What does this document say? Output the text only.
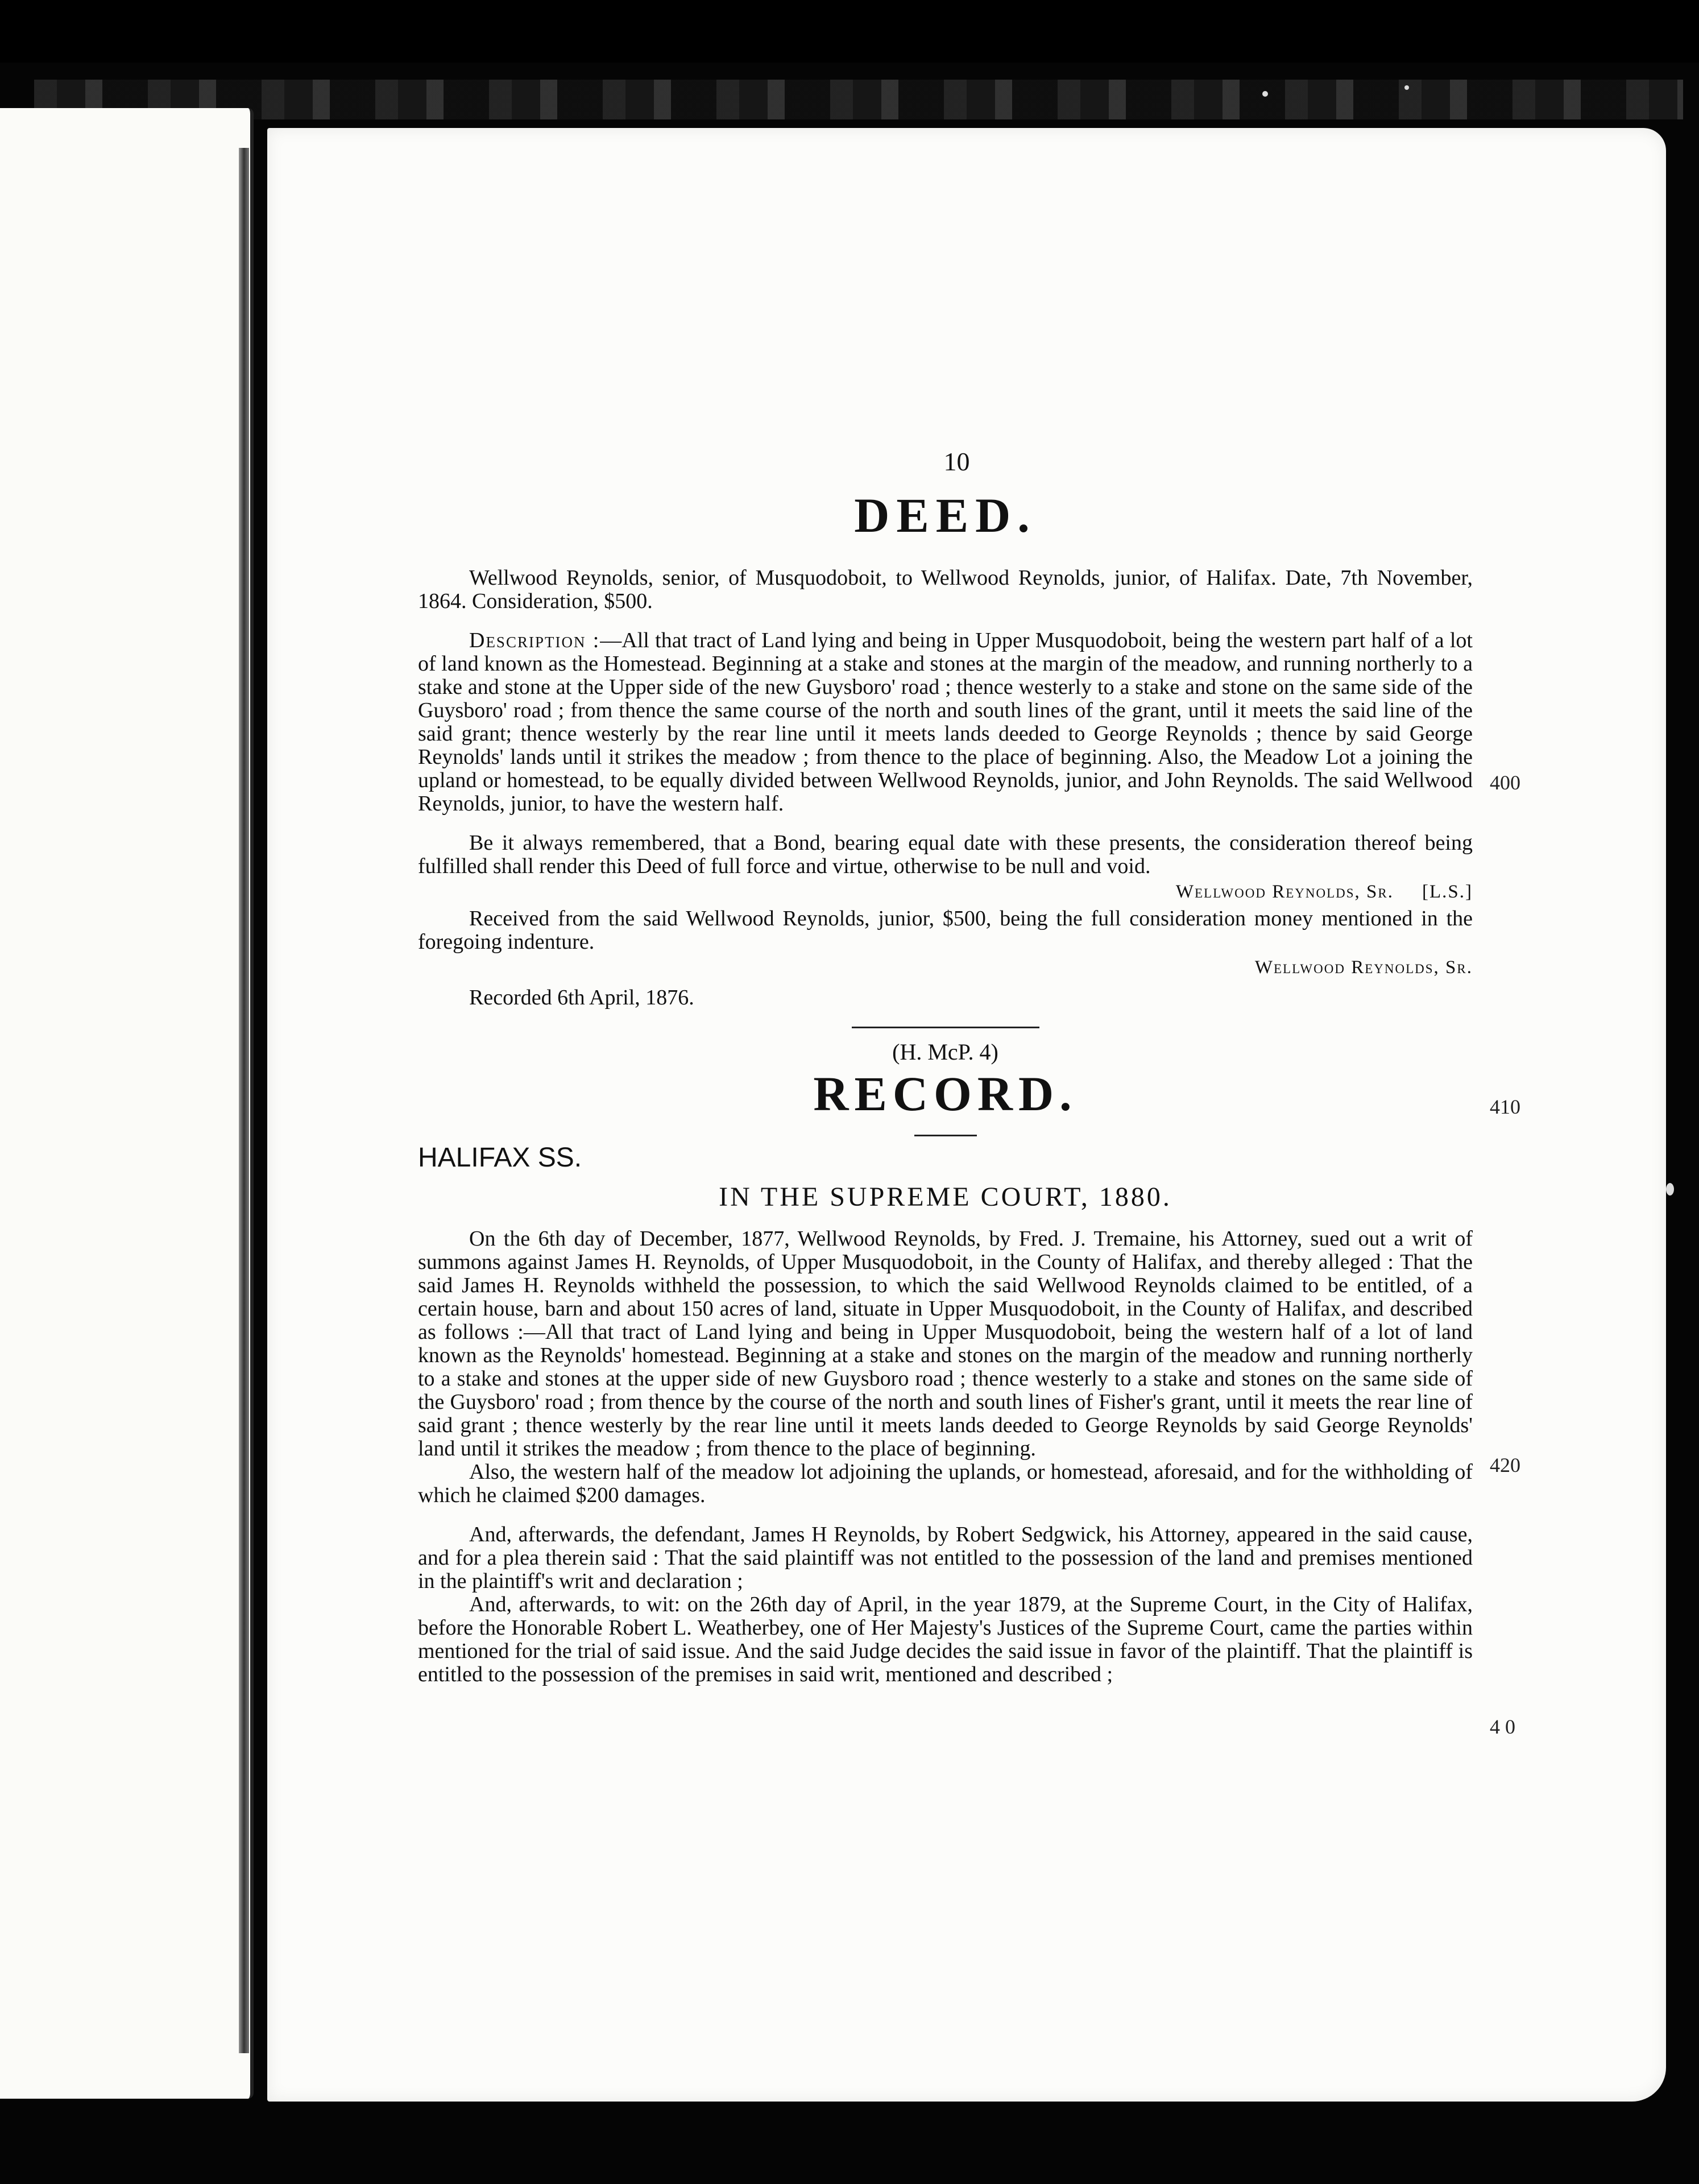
10
DEED.

Wellwood Reynolds, senior, of Musquodoboit, to Wellwood Reynolds, junior, of Halifax. Date, 7th November, 1864. Consideration, $500.

Description :—All that tract of Land lying and being in Upper Musquodoboit, being the western part half of a lot of land known as the Homestead. Beginning at a stake and stones at the margin of the meadow, and running northerly to a stake and stone at the Upper side of the new Guysboro' road ; thence westerly to a stake and stone on the same side of the Guysboro' road ; from thence the same course of the north and south lines of the grant, until it meets the said line of the said grant; thence westerly by the rear line until it meets lands deeded to George Reynolds ; thence by said George Reynolds' lands until it strikes the meadow ; from thence to the place of beginning. Also, the Meadow Lot a joining the upland or homestead, to be equally divided between Wellwood Reynolds, junior, and John Reynolds. The said Wellwood Reynolds, junior, to have the western half.

Be it always remembered, that a Bond, bearing equal date with these presents, the consideration thereof being fulfilled shall render this Deed of full force and virtue, otherwise to be null and void.

Wellwood Reynolds, Sr. [L.S.]

Received from the said Wellwood Reynolds, junior, $500, being the full consideration money mentioned in the foregoing indenture.

Wellwood Reynolds, Sr.

Recorded 6th April, 1876.

(H. McP. 4)
RECORD.
HALIFAX SS.
IN THE SUPREME COURT, 1880.

On the 6th day of December, 1877, Wellwood Reynolds, by Fred. J. Tremaine, his Attorney, sued out a writ of summons against James H. Reynolds, of Upper Musquodoboit, in the County of Halifax, and thereby alleged : That the said James H. Reynolds withheld the possession, to which the said Wellwood Reynolds claimed to be entitled, of a certain house, barn and about 150 acres of land, situate in Upper Musquodoboit, in the County of Halifax, and described as follows :—All that tract of Land lying and being in Upper Musquodoboit, being the western half of a lot of land known as the Reynolds' homestead. Beginning at a stake and stones on the margin of the meadow and running northerly to a stake and stones at the upper side of new Guysboro road ; thence westerly to a stake and stones on the same side of the Guysboro' road ; from thence by the course of the north and south lines of Fisher's grant, until it meets the rear line of said grant ; thence westerly by the rear line until it meets lands deeded to George Reynolds by said George Reynolds' land until it strikes the meadow ; from thence to the place of beginning.

Also, the western half of the meadow lot adjoining the uplands, or homestead, aforesaid, and for the withholding of which he claimed $200 damages.

And, afterwards, the defendant, James H Reynolds, by Robert Sedgwick, his Attorney, appeared in the said cause, and for a plea therein said : That the said plaintiff was not entitled to the possession of the land and premises mentioned in the plaintiff's writ and declaration ;

And, afterwards, to wit: on the 26th day of April, in the year 1879, at the Supreme Court, in the City of Halifax, before the Honorable Robert L. Weatherbey, one of Her Majesty's Justices of the Supreme Court, came the parties within mentioned for the trial of said issue. And the said Judge decides the said issue in favor of the plaintiff. That the plaintiff is entitled to the possession of the premises in said writ, mentioned and described ;

400
410
420
4 0
